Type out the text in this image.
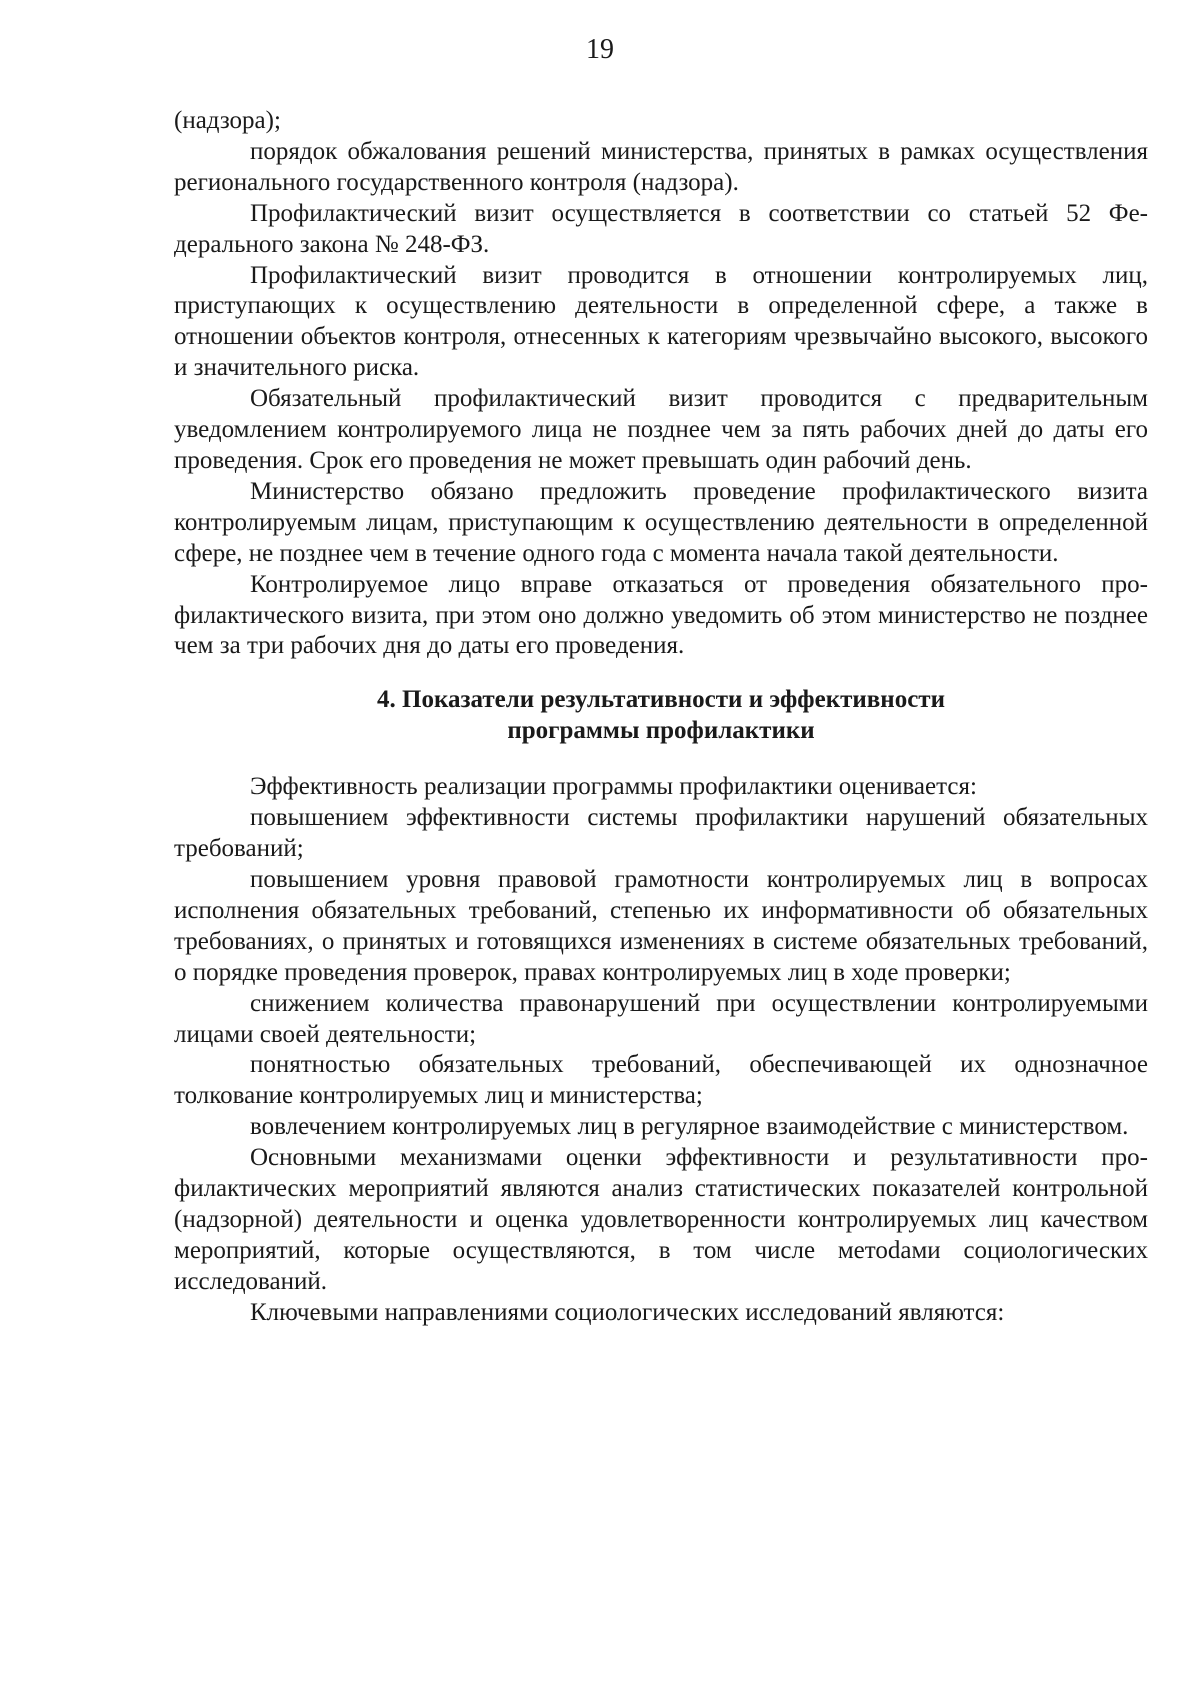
19

(надзора);

порядок обжалования решений министерства, принятых в рамках осуществления регионального государственного контроля (надзора).

Профилактический визит осуществляется в соответствии со статьей 52 Федерального закона № 248-ФЗ.

Профилактический визит проводится в отношении контролируемых лиц, приступающих к осуществлению деятельности в определенной сфере, а также в отношении объектов контроля, отнесенных к категориям чрезвычайно высокого, высокого и значительного риска.

Обязательный профилактический визит проводится с предварительным уведомлением контролируемого лица не позднее чем за пять рабочих дней до даты его проведения. Срок его проведения не может превышать один рабочий день.

Министерство обязано предложить проведение профилактического визита контролируемым лицам, приступающим к осуществлению деятельности в определенной сфере, не позднее чем в течение одного года с момента начала такой деятельности.

Контролируемое лицо вправе отказаться от проведения обязательного профилактического визита, при этом оно должно уведомить об этом министерство не позднее чем за три рабочих дня до даты его проведения.

4. Показатели результативности и эффективности
программы профилактики

Эффективность реализации программы профилактики оценивается:

повышением эффективности системы профилактики нарушений обязательных требований;

повышением уровня правовой грамотности контролируемых лиц в вопросах исполнения обязательных требований, степенью их информативности об обязательных требованиях, о принятых и готовящихся изменениях в системе обязательных требований, о порядке проведения проверок, правах контролируемых лиц в ходе проверки;

снижением количества правонарушений при осуществлении контролируемыми лицами своей деятельности;

понятностью обязательных требований, обеспечивающей их однозначное толкование контролируемых лиц и министерства;

вовлечением контролируемых лиц в регулярное взаимодействие с министерством.

Основными механизмами оценки эффективности и результативности профилактических мероприятий являются анализ статистических показателей контрольной (надзорной) деятельности и оценка удовлетворенности контролируемых лиц качеством мероприятий, которые осуществляются, в том числе метоdами социологических исследований.

Ключевыми направлениями социологических исследований являются:
